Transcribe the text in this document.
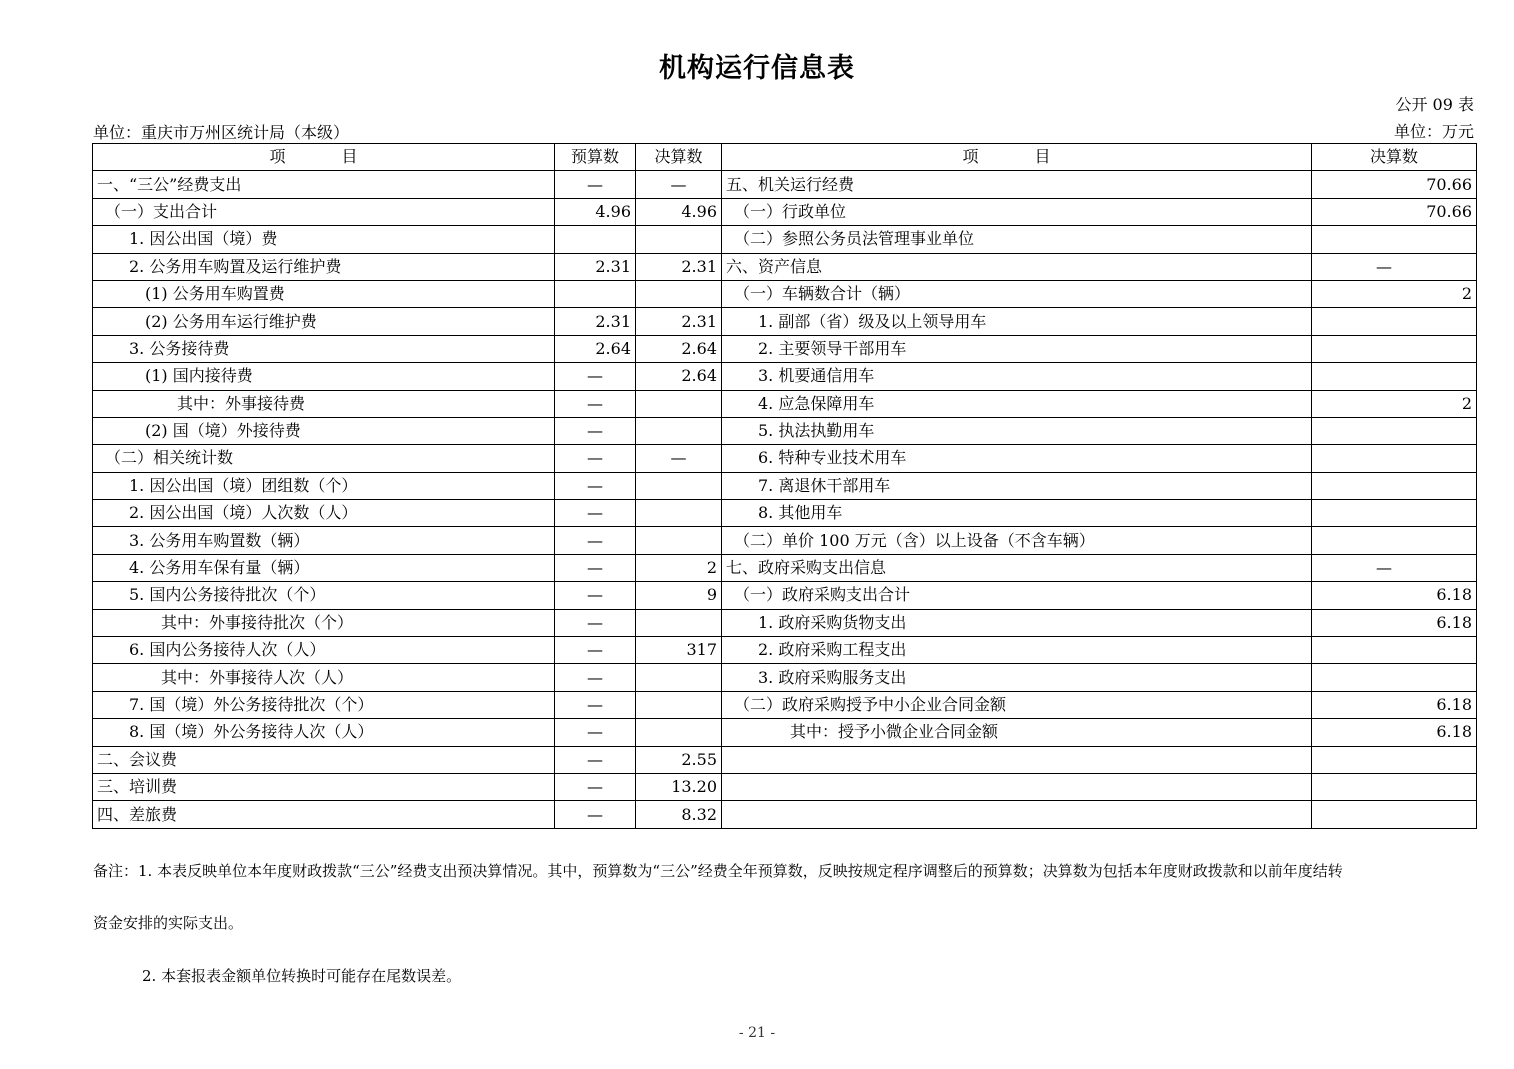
机构运行信息表
公开 09 表
单位：重庆市万州区统计局（本级）	单位：万元
项　目	预算数	决算数	项　目	决算数
一、“三公”经费支出	—	—	五、机关运行经费	70.66
　（一）支出合计	4.96	4.96	　（一）行政单位	70.66
　　1. 因公出国（境）费			　（二）参照公务员法管理事业单位	
　　2. 公务用车购置及运行维护费	2.31	2.31	六、资产信息	—
　　　(1) 公务用车购置费			　（一）车辆数合计（辆）	2
　　　(2) 公务用车运行维护费	2.31	2.31	　　1. 副部（省）级及以上领导用车	
　　3. 公务接待费	2.64	2.64	　　2. 主要领导干部用车	
　　　(1) 国内接待费	—	2.64	　　3. 机要通信用车	
　　　　　其中：外事接待费	—		　　4. 应急保障用车	2
　　　(2) 国（境）外接待费	—		　　5. 执法执勤用车	
　（二）相关统计数	—	—	　　6. 特种专业技术用车	
　　1. 因公出国（境）团组数（个）	—		　　7. 离退休干部用车	
　　2. 因公出国（境）人次数（人）	—		　　8. 其他用车	
　　3. 公务用车购置数（辆）	—		　（二）单价 100 万元（含）以上设备（不含车辆）	
　　4. 公务用车保有量（辆）	—	2	七、政府采购支出信息	—
　　5. 国内公务接待批次（个）	—	9	　（一）政府采购支出合计	6.18
　　　　其中：外事接待批次（个）	—		　　1. 政府采购货物支出	6.18
　　6. 国内公务接待人次（人）	—	317	　　2. 政府采购工程支出	
　　　　其中：外事接待人次（人）	—		　　3. 政府采购服务支出	
　　7. 国（境）外公务接待批次（个）	—		　（二）政府采购授予中小企业合同金额	6.18
　　8. 国（境）外公务接待人次（人）	—		　　　　其中：授予小微企业合同金额	6.18
二、会议费	—	2.55		
三、培训费	—	13.20		
四、差旅费	—	8.32		
备注：1. 本表反映单位本年度财政拨款“三公”经费支出预决算情况。其中，预算数为“三公”经费全年预算数，反映按规定程序调整后的预算数；决算数为包括本年度财政拨款和以前年度结转
资金安排的实际支出。
2. 本套报表金额单位转换时可能存在尾数误差。
- 21 -
